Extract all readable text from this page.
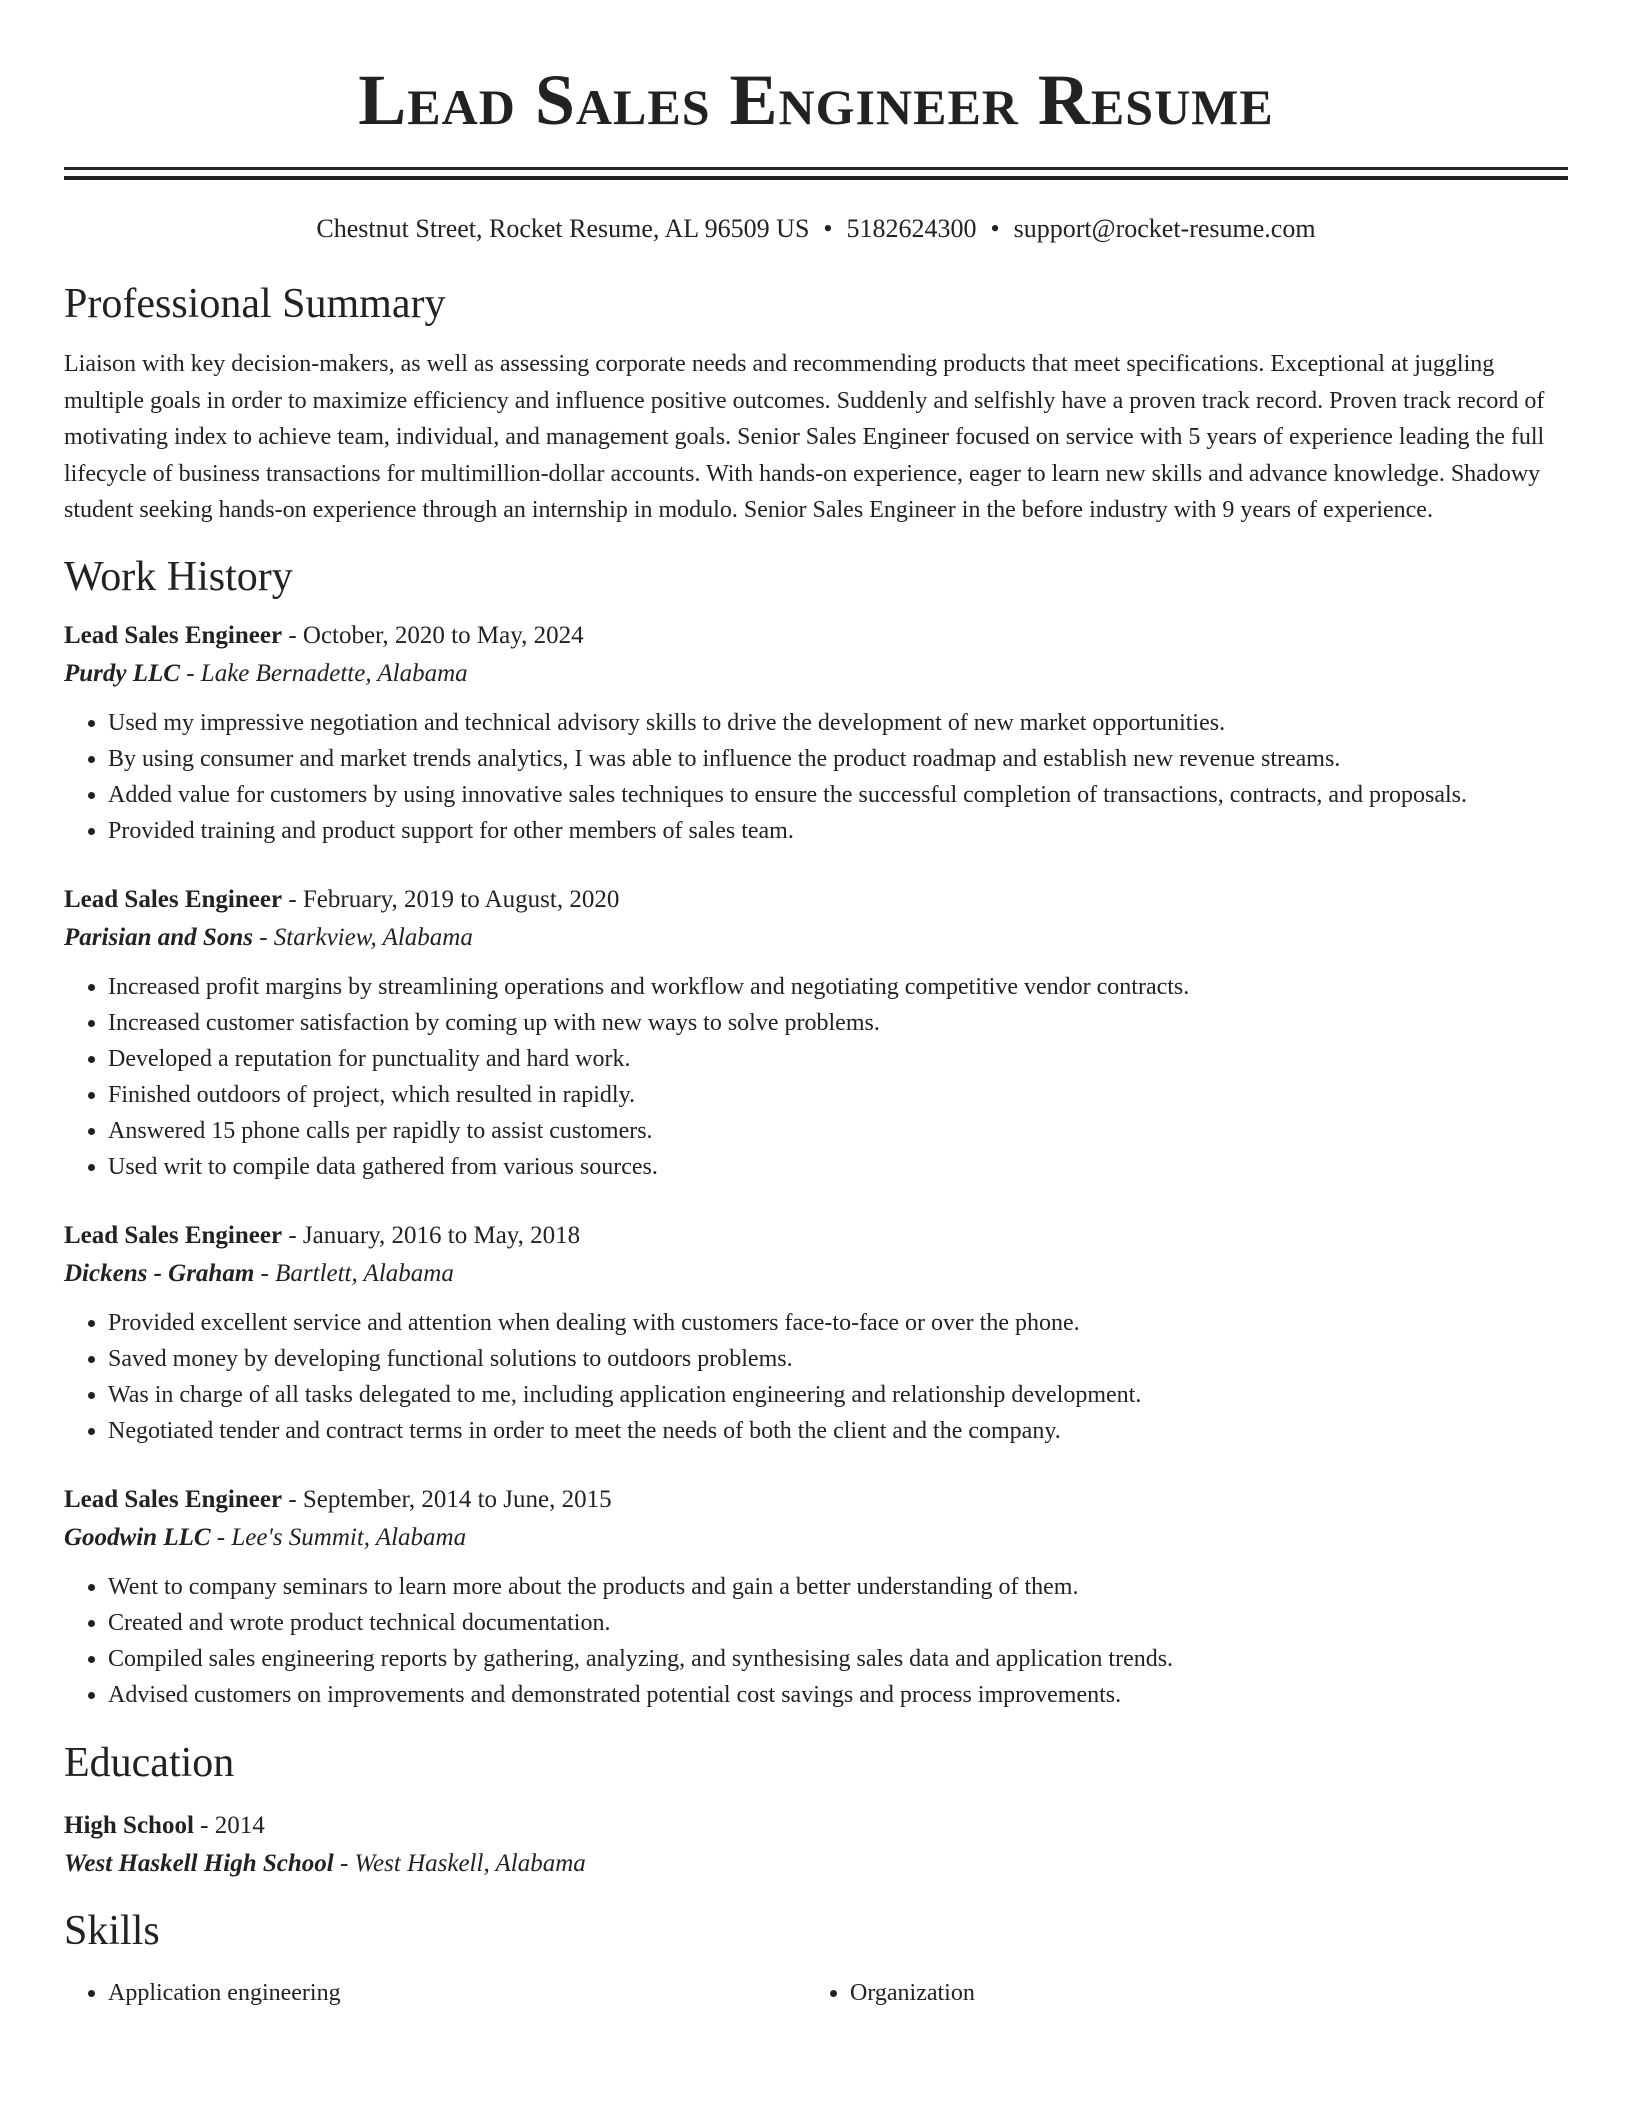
Lead Sales Engineer Resume
Chestnut Street, Rocket Resume, AL 96509 US • 5182624300 • support@rocket-resume.com
Professional Summary

Liaison with key decision-makers, as well as assessing corporate needs and recommending products that meet specifications. Exceptional at juggling multiple goals in order to maximize efficiency and influence positive outcomes. Suddenly and selfishly have a proven track record. Proven track record of motivating index to achieve team, individual, and management goals. Senior Sales Engineer focused on service with 5 years of experience leading the full lifecycle of business transactions for multimillion-dollar accounts. With hands-on experience, eager to learn new skills and advance knowledge. Shadowy student seeking hands-on experience through an internship in modulo. Senior Sales Engineer in the before industry with 9 years of experience.

Work History
Lead Sales Engineer - October, 2020 to May, 2024
Purdy LLC - Lake Bernadette, Alabama
• Used my impressive negotiation and technical advisory skills to drive the development of new market opportunities.
• By using consumer and market trends analytics, I was able to influence the product roadmap and establish new revenue streams.
• Added value for customers by using innovative sales techniques to ensure the successful completion of transactions, contracts, and proposals.
• Provided training and product support for other members of sales team.
Lead Sales Engineer - February, 2019 to August, 2020
Parisian and Sons - Starkview, Alabama
• Increased profit margins by streamlining operations and workflow and negotiating competitive vendor contracts.
• Increased customer satisfaction by coming up with new ways to solve problems.
• Developed a reputation for punctuality and hard work.
• Finished outdoors of project, which resulted in rapidly.
• Answered 15 phone calls per rapidly to assist customers.
• Used writ to compile data gathered from various sources.
Lead Sales Engineer - January, 2016 to May, 2018
Dickens - Graham - Bartlett, Alabama
• Provided excellent service and attention when dealing with customers face-to-face or over the phone.
• Saved money by developing functional solutions to outdoors problems.
• Was in charge of all tasks delegated to me, including application engineering and relationship development.
• Negotiated tender and contract terms in order to meet the needs of both the client and the company.
Lead Sales Engineer - September, 2014 to June, 2015
Goodwin LLC - Lee's Summit, Alabama
• Went to company seminars to learn more about the products and gain a better understanding of them.
• Created and wrote product technical documentation.
• Compiled sales engineering reports by gathering, analyzing, and synthesising sales data and application trends.
• Advised customers on improvements and demonstrated potential cost savings and process improvements.
Education
High School - 2014
West Haskell High School - West Haskell, Alabama
Skills
• Application engineering
•	Organization
